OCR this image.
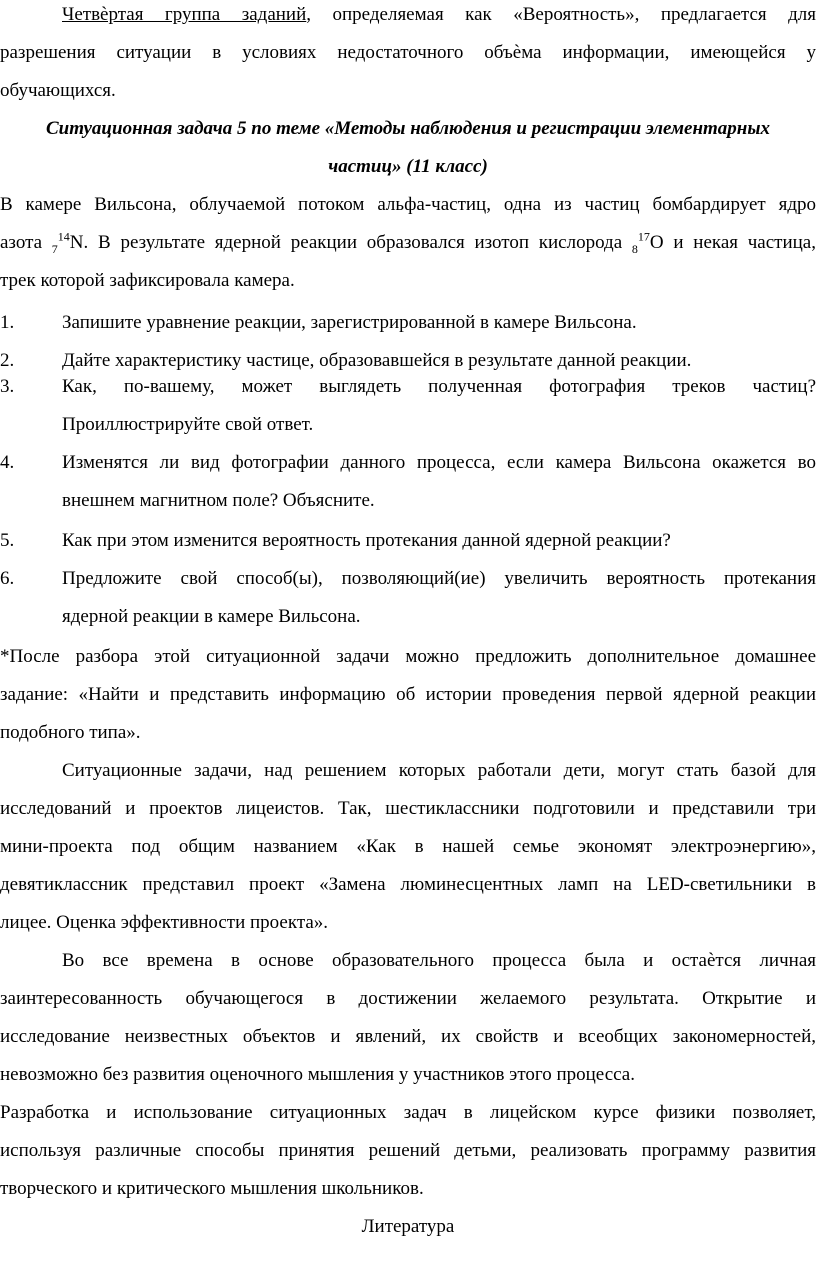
Четвѐртая группа заданий, определяемая как «Вероятность», предлагается для
разрешения ситуации в условиях недостаточного объѐма информации, имеющейся у
обучающихся.
Ситуационная задача 5 по теме «Методы наблюдения и регистрации элементарных
частиц» (11 класс)
В камере Вильсона, облучаемой потоком альфа-частиц, одна из частиц бомбардирует ядро
азота $_7^{14}$N. В результате ядерной реакции образовался изотоп кислорода $_8^{17}$O и некая частица,
трек которой зафиксировала камера.
1.	Запишите уравнение реакции, зарегистрированной в камере Вильсона.
2.	Дайте характеристику частице, образовавшейся в результате данной реакции.
3.	Как, по-вашему, может выглядеть полученная фотография треков частиц?
Проиллюстрируйте свой ответ.
4.	Изменятся ли вид фотографии данного процесса, если камера Вильсона окажется во
внешнем магнитном поле? Объясните.
5.	Как при этом изменится вероятность протекания данной ядерной реакции?
6.	Предложите свой способ(ы), позволяющий(ие) увеличить вероятность протекания
ядерной реакции в камере Вильсона.
*После разбора этой ситуационной задачи можно предложить дополнительное домашнее
задание: «Найти и представить информацию об истории проведения первой ядерной реакции
подобного типа».
Ситуационные задачи, над решением которых работали дети, могут стать базой для
исследований и проектов лицеистов. Так, шестиклассники подготовили и представили три
мини-проекта под общим названием «Как в нашей семье экономят электроэнергию»,
девятиклассник представил проект «Замена люминесцентных ламп на LED-светильники в
лицее. Оценка эффективности проекта».
Во все времена в основе образовательного процесса была и остаѐтся личная
заинтересованность обучающегося в достижении желаемого результата. Открытие и
исследование неизвестных объектов и явлений, их свойств и всеобщих закономерностей,
невозможно без развития оценочного мышления у участников этого процесса.
Разработка и использование ситуационных задач в лицейском курсе физики позволяет,
используя различные способы принятия решений детьми, реализовать программу развития
творческого и критического мышления школьников.
Литература
